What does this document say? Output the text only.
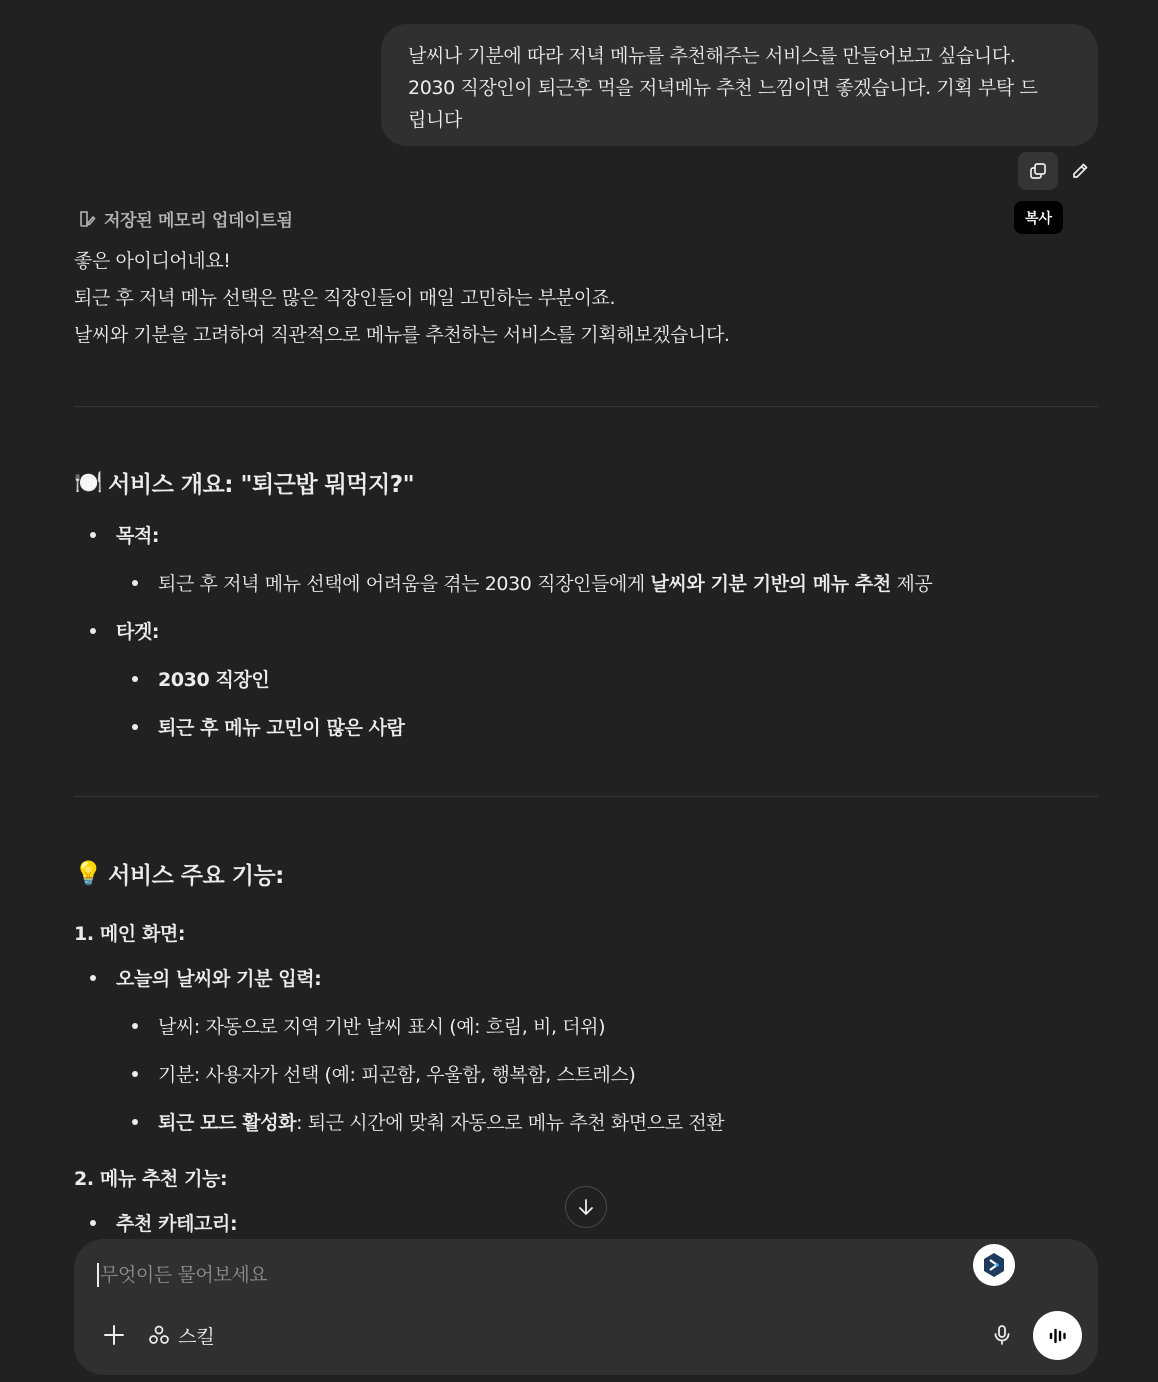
날씨나 기분에 따라 저녁 메뉴를 추천해주는 서비스를 만들어보고 싶습니다.
2030 직장인이 퇴근후 먹을 저녁메뉴 추천 느낌이면 좋겠습니다. 기획 부탁 드
립니다
복사
저장된 메모리 업데이트됨
좋은 아이디어네요!
퇴근 후 저녁 메뉴 선택은 많은 직장인들이 매일 고민하는 부분이죠.
날씨와 기분을 고려하여 직관적으로 메뉴를 추천하는 서비스를 기획해보겠습니다.
🍽️ 서비스 개요: "퇴근밥 뭐먹지?"
목적:
퇴근 후 저녁 메뉴 선택에 어려움을 겪는 2030 직장인들에게 날씨와 기분 기반의 메뉴 추천 제공
타겟:
2030 직장인
퇴근 후 메뉴 고민이 많은 사람
💡 서비스 주요 기능:
1. 메인 화면:
오늘의 날씨와 기분 입력:
날씨: 자동으로 지역 기반 날씨 표시 (예: 흐림, 비, 더위)
기분: 사용자가 선택 (예: 피곤함, 우울함, 행복함, 스트레스)
퇴근 모드 활성화 : 퇴근 시간에 맞춰 자동으로 메뉴 추천 화면으로 전환
2. 메뉴 추천 기능:
추천 카테고리:
무엇이든 물어보세요
스킬
